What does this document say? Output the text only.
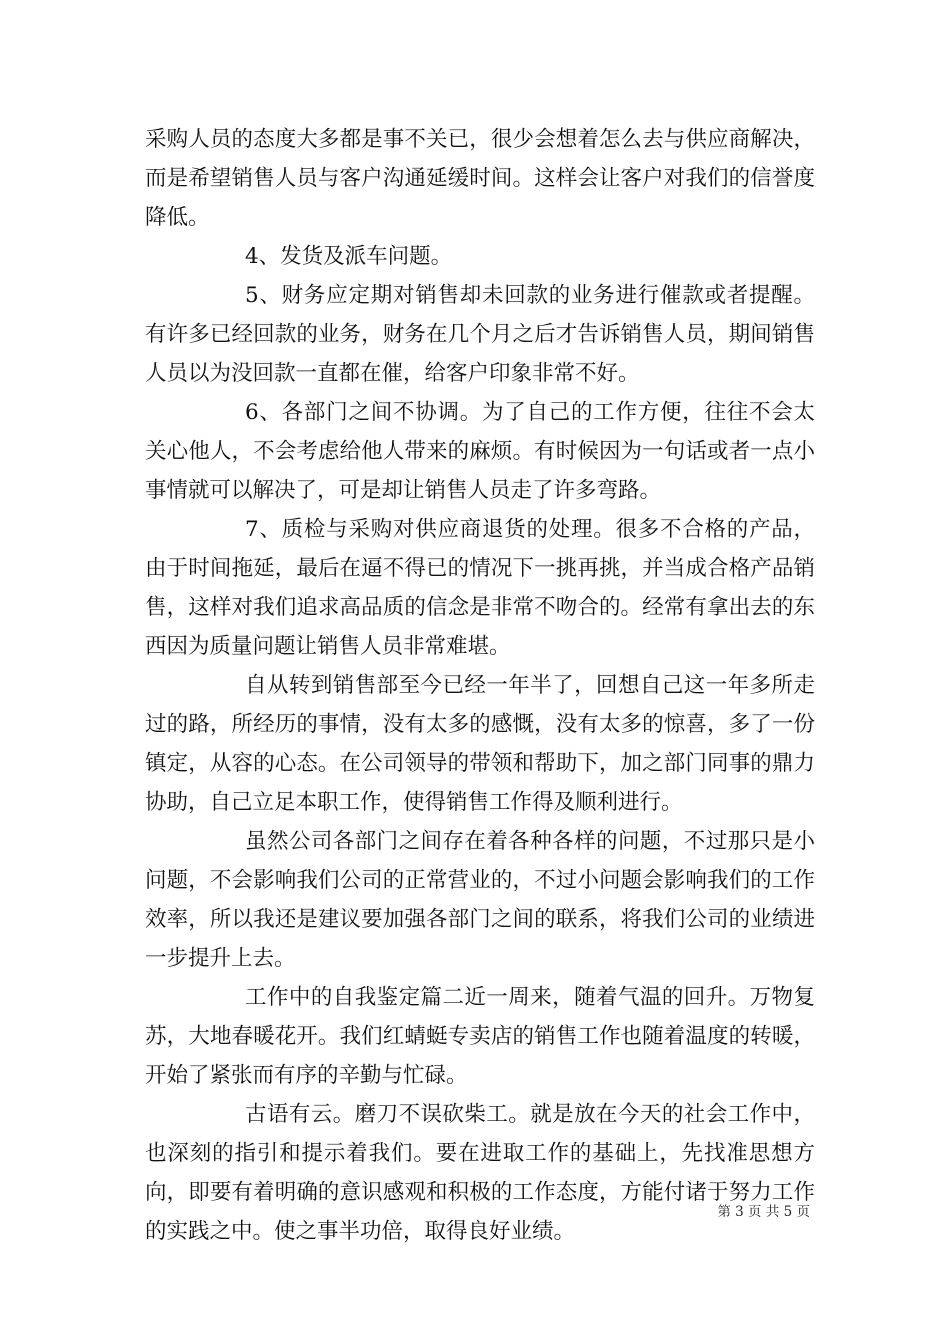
采购人员的态度大多都是事不关已，很少会想着怎么去与供应商解决，而是希望销售人员与客户沟通延缓时间。这样会让客户对我们的信誉度降低。

4、发货及派车问题。

5、财务应定期对销售却未回款的业务进行催款或者提醒。有许多已经回款的业务，财务在几个月之后才告诉销售人员，期间销售人员以为没回款一直都在催，给客户印象非常不好。

6、各部门之间不协调。为了自己的工作方便，往往不会太关心他人，不会考虑给他人带来的麻烦。有时候因为一句话或者一点小事情就可以解决了，可是却让销售人员走了许多弯路。

7、质检与采购对供应商退货的处理。很多不合格的产品，由于时间拖延，最后在逼不得已的情况下一挑再挑，并当成合格产品销售，这样对我们追求高品质的信念是非常不吻合的。经常有拿出去的东西因为质量问题让销售人员非常难堪。

自从转到销售部至今已经一年半了，回想自己这一年多所走过的路，所经历的事情，没有太多的感慨，没有太多的惊喜，多了一份镇定，从容的心态。在公司领导的带领和帮助下，加之部门同事的鼎力协助，自己立足本职工作，使得销售工作得及顺利进行。

虽然公司各部门之间存在着各种各样的问题，不过那只是小问题，不会影响我们公司的正常营业的，不过小问题会影响我们的工作效率，所以我还是建议要加强各部门之间的联系，将我们公司的业绩进一步提升上去。

工作中的自我鉴定篇二近一周来，随着气温的回升。万物复苏，大地春暖花开。我们红蜻蜓专卖店的销售工作也随着温度的转暖，开始了紧张而有序的辛勤与忙碌。

古语有云。磨刀不误砍柴工。就是放在今天的社会工作中，也深刻的指引和提示着我们。要在进取工作的基础上，先找准思想方向，即要有着明确的意识感观和积极的工作态度，方能付诸于努力工作的实践之中。使之事半功倍，取得良好业绩。

第 3 页 共 5 页
